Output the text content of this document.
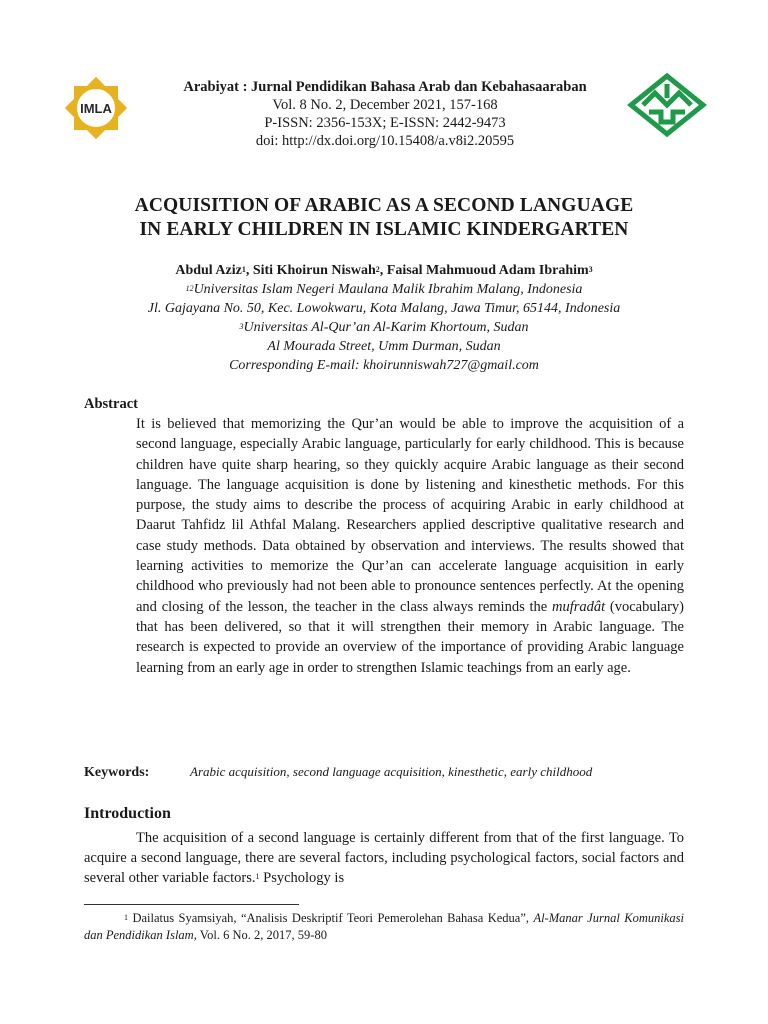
IMLA
Arabiyat : Jurnal Pendidikan Bahasa Arab dan Kebahasaaraban
Vol. 8 No. 2, December 2021, 157-168
P-ISSN: 2356-153X; E-ISSN: 2442-9473
doi: http://dx.doi.org/10.15408/a.v8i2.20595
ACQUISITION OF ARABIC AS A SECOND LANGUAGE
IN EARLY CHILDREN IN ISLAMIC KINDERGARTEN
Abdul Aziz$^1$, Siti Khoirun Niswah$^2$, Faisal Mahmuoud Adam Ibrahim$^3$
$^{12}$Universitas Islam Negeri Maulana Malik Ibrahim Malang, Indonesia
Jl. Gajayana No. 50, Kec. Lowokwaru, Kota Malang, Jawa Timur, 65144, Indonesia
$^3$Universitas Al-Qur’an Al-Karim Khortoum, Sudan
Al Mourada Street, Umm Durman, Sudan
Corresponding E-mail: khoirunniswah727@gmail.com
Abstract
It is believed that memorizing the Qur’an would be able to improve the acquisition of a second language, especially Arabic language, particularly for early childhood. This is because children have quite sharp hearing, so they quickly acquire Arabic language as their second language. The language acquisition is done by listening and kinesthetic methods. For this purpose, the study aims to describe the process of acquiring Arabic in early childhood at Daarut Tahfidz lil Athfal Malang. Researchers applied descriptive qualitative research and case study methods. Data obtained by observation and interviews. The results showed that learning activities to memorize the Qur’an can accelerate language acquisition in early childhood who previously had not been able to pronounce sentences perfectly. At the opening and closing of the lesson, the teacher in the class always reminds the mufradât (vocabulary) that has been delivered, so that it will strengthen their memory in Arabic language. The research is expected to provide an overview of the importance of providing Arabic language learning from an early age in order to strengthen Islamic teachings from an early age.
Keywords:	Arabic acquisition, second language acquisition, kinesthetic, early childhood
Introduction
The acquisition of a second language is certainly different from that of the first language. To acquire a second language, there are several factors, including psychological factors, social factors and several other variable factors.$^1$ Psychology is
$^1$ Dailatus Syamsiyah, “Analisis Deskriptif Teori Pemerolehan Bahasa Kedua”, Al-Manar Jurnal Komunikasi dan Pendidikan Islam, Vol. 6 No. 2, 2017, 59-80
